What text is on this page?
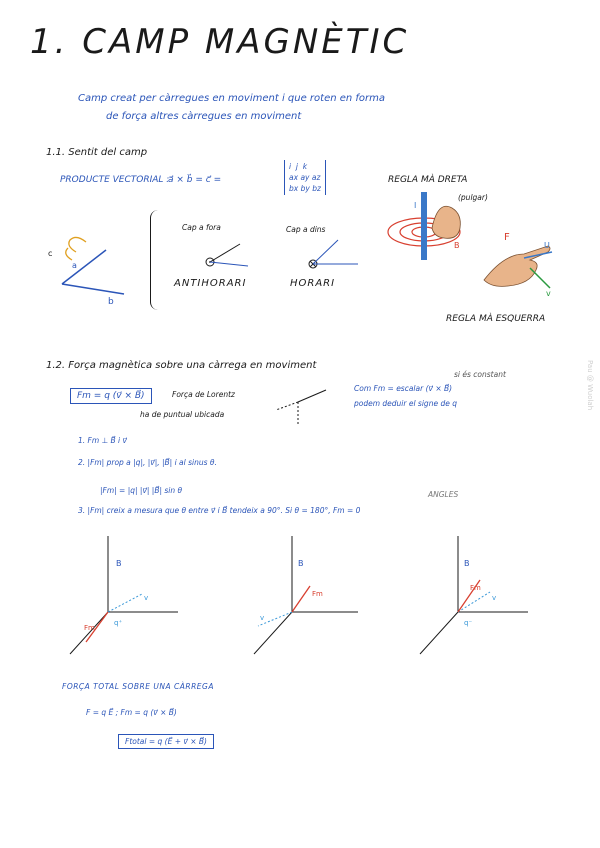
1. CAMP MAGNÈTIC
Camp creat per càrregues en moviment i que roten en forma
de força altres càrregues en moviment
1.1. Sentit del camp
PRODUCTE VECTORIAL :
a⃗ × b⃗ = c⃗ =
i j k
ax ay az
bx by bz
c
b
a
Cap a fora	Cap a dins
ANTIHORARI	HORARI
REGLA MÀ DRETA
(pulgar)
I
B
F
U
v
REGLA MÀ ESQUERRA
1.2. Força magnètica sobre una càrrega en moviment
Fm = q (v⃗ × B⃗)	Força de Lorentz
ha de puntual ubicada
Com Fm = escalar (v⃗ × B⃗)
podem deduir el signe de q
si és constant
1. Fm ⊥ B⃗ i v⃗
2. |Fm| prop a |q|, |v⃗|, |B⃗| i al sinus θ.
|Fm| = |q| |v⃗| |B⃗| sin θ	ANGLES
3. |Fm| creix a mesura que θ entre v⃗ i B⃗ tendeix a 90°. Si θ = 180°, Fm = 0
B
v
Fm
q⁺
B
v
Fm
B
v
Fm
q⁻
FORÇA TOTAL SOBRE UNA CÀRREGA
F = q E⃗ ; Fm = q (v⃗ × B⃗)
Ftotal = q (E⃗ + v⃗ × B⃗)
Pau @ Wuolah
